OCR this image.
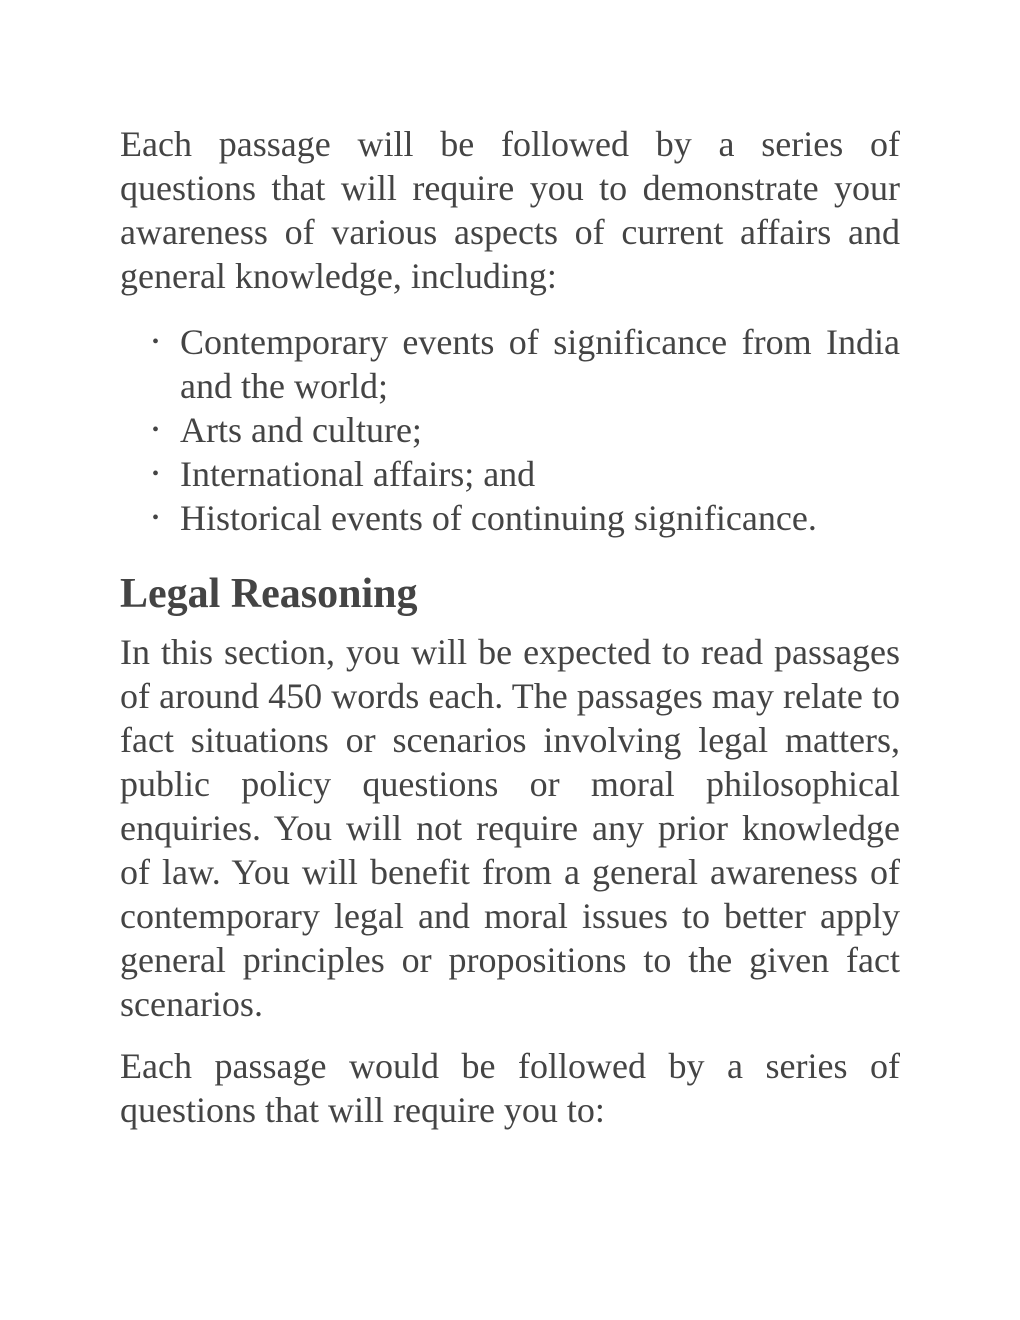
Each passage will be followed by a series of questions that will require you to demonstrate your awareness of various aspects of current affairs and general knowledge, including:

• Contemporary events of significance from India and the world;
• Arts and culture;
• International affairs; and
• Historical events of continuing significance.
Legal Reasoning

In this section, you will be expected to read passages of around 450 words each. The passages may relate to fact situations or scenarios involving legal matters, public policy questions or moral philosophical enquiries. You will not require any prior knowledge of law. You will benefit from a general awareness of contemporary legal and moral issues to better apply general principles or propositions to the given fact scenarios.

Each passage would be followed by a series of questions that will require you to:
